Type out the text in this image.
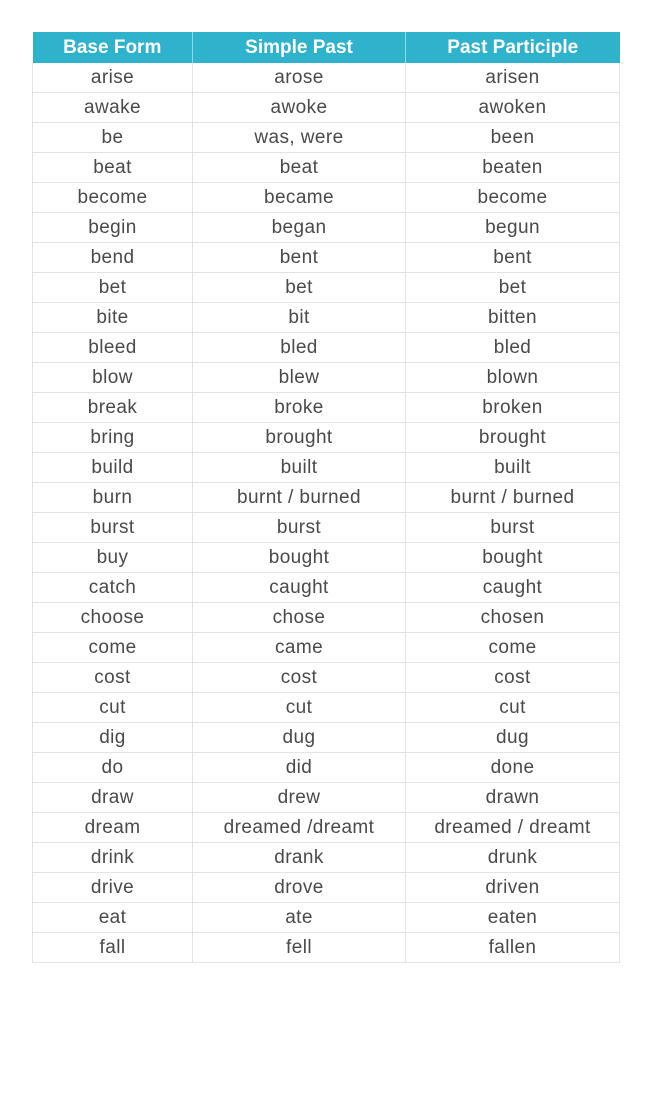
Base Form	Simple Past	Past Participle
arise	arose	arisen
awake	awoke	awoken
be	was, were	been
beat	beat	beaten
become	became	become
begin	began	begun
bend	bent	bent
bet	bet	bet
bite	bit	bitten
bleed	bled	bled
blow	blew	blown
break	broke	broken
bring	brought	brought
build	built	built
burn	burnt / burned	burnt / burned
burst	burst	burst
buy	bought	bought
catch	caught	caught
choose	chose	chosen
come	came	come
cost	cost	cost
cut	cut	cut
dig	dug	dug
do	did	done
draw	drew	drawn
dream	dreamed /dreamt	dreamed / dreamt
drink	drank	drunk
drive	drove	driven
eat	ate	eaten
fall	fell	fallen
